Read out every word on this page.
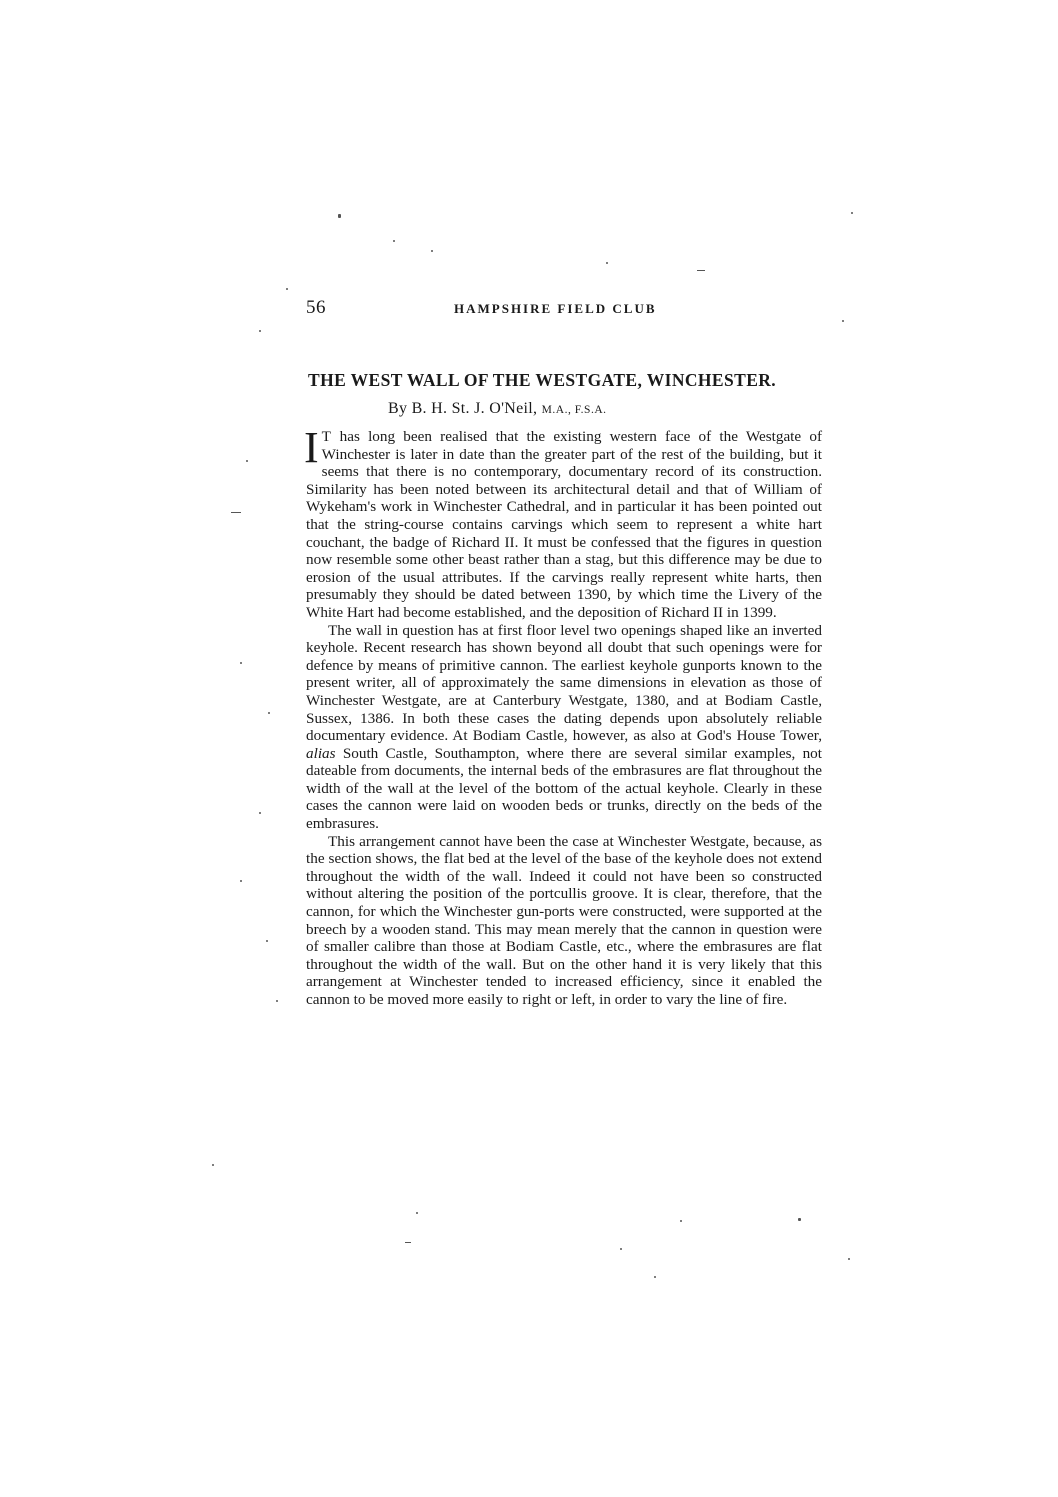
56	HAMPSHIRE FIELD CLUB
THE WEST WALL OF THE WESTGATE, WINCHESTER.
By B. H. St. J. O'Neil, M.A., F.S.A.

I T has long been realised that the existing western face of the Westgate of Winchester is later in date than the greater part of the rest of the building, but it seems that there is no contemporary, documentary record of its construction. Similarity has been noted between its architectural detail and that of William of Wykeham's work in Winchester Cathedral, and in particular it has been pointed out that the string-course contains carvings which seem to represent a white hart couchant, the badge of Richard II. It must be confessed that the figures in question now resemble some other beast rather than a stag, but this difference may be due to erosion of the usual attributes. If the carvings really represent white harts, then presumably they should be dated between 1390, by which time the Livery of the White Hart had become established, and the deposition of Richard II in 1399.

The wall in question has at first floor level two openings shaped like an inverted keyhole. Recent research has shown beyond all doubt that such openings were for defence by means of primitive cannon. The earliest keyhole gunports known to the present writer, all of approximately the same dimensions in elevation as those of Winchester Westgate, are at Canterbury Westgate, 1380, and at Bodiam Castle, Sussex, 1386. In both these cases the dating depends upon absolutely reliable documentary evidence. At Bodiam Castle, however, as also at God's House Tower, alias South Castle, Southampton, where there are several similar examples, not dateable from documents, the internal beds of the embrasures are flat throughout the width of the wall at the level of the bottom of the actual keyhole. Clearly in these cases the cannon were laid on wooden beds or trunks, directly on the beds of the embrasures.

This arrangement cannot have been the case at Winchester Westgate, because, as the section shows, the flat bed at the level of the base of the keyhole does not extend throughout the width of the wall. Indeed it could not have been so constructed without altering the position of the portcullis groove. It is clear, therefore, that the cannon, for which the Winchester gun-ports were constructed, were supported at the breech by a wooden stand. This may mean merely that the cannon in question were of smaller calibre than those at Bodiam Castle, etc., where the embrasures are flat throughout the width of the wall. But on the other hand it is very likely that this arrangement at Winchester tended to increased efficiency, since it enabled the cannon to be moved more easily to right or left, in order to vary the line of fire.
